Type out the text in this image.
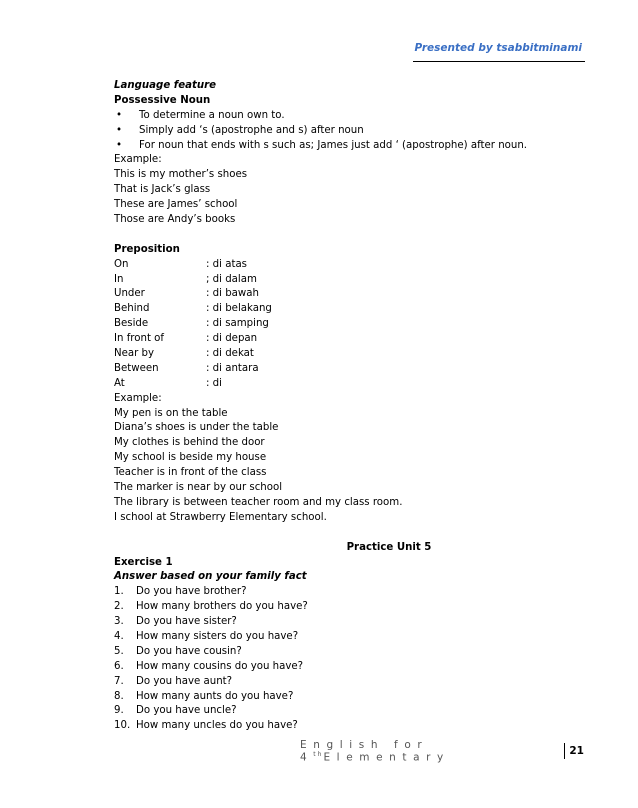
Presented by tsabbitminami
Language feature
Possessive Noun
• To determine a noun own to.
• Simply add ‘s (apostrophe and s) after noun
• For noun that ends with s such as; James just add ‘ (apostrophe) after noun.
Example:
This is my mother’s shoes
That is Jack’s glass
These are James’ school
Those are Andy’s books
Preposition
On	: di atas
In	; di dalam
Under	: di bawah
Behind	: di belakang
Beside	: di samping
In front of	: di depan
Near by	: di dekat
Between	: di antara
At	: di
Example:
My pen is on the table
Diana’s shoes is under the table
My clothes is behind the door
My school is beside my house
Teacher is in front of the class
The marker is near by our school
The library is between teacher room and my class room.
I school at Strawberry Elementary school.
Practice Unit 5
Exercise 1
Answer based on your family fact
1.	Do you have brother?
2.	How many brothers do you have?
3.	Do you have sister?
4.	How many sisters do you have?
5.	Do you have cousin?
6.	How many cousins do you have?
7.	Do you have aunt?
8.	How many aunts do you have?
9.	Do you have uncle?
10. How many uncles do you have?
English for 4thElementary
21
